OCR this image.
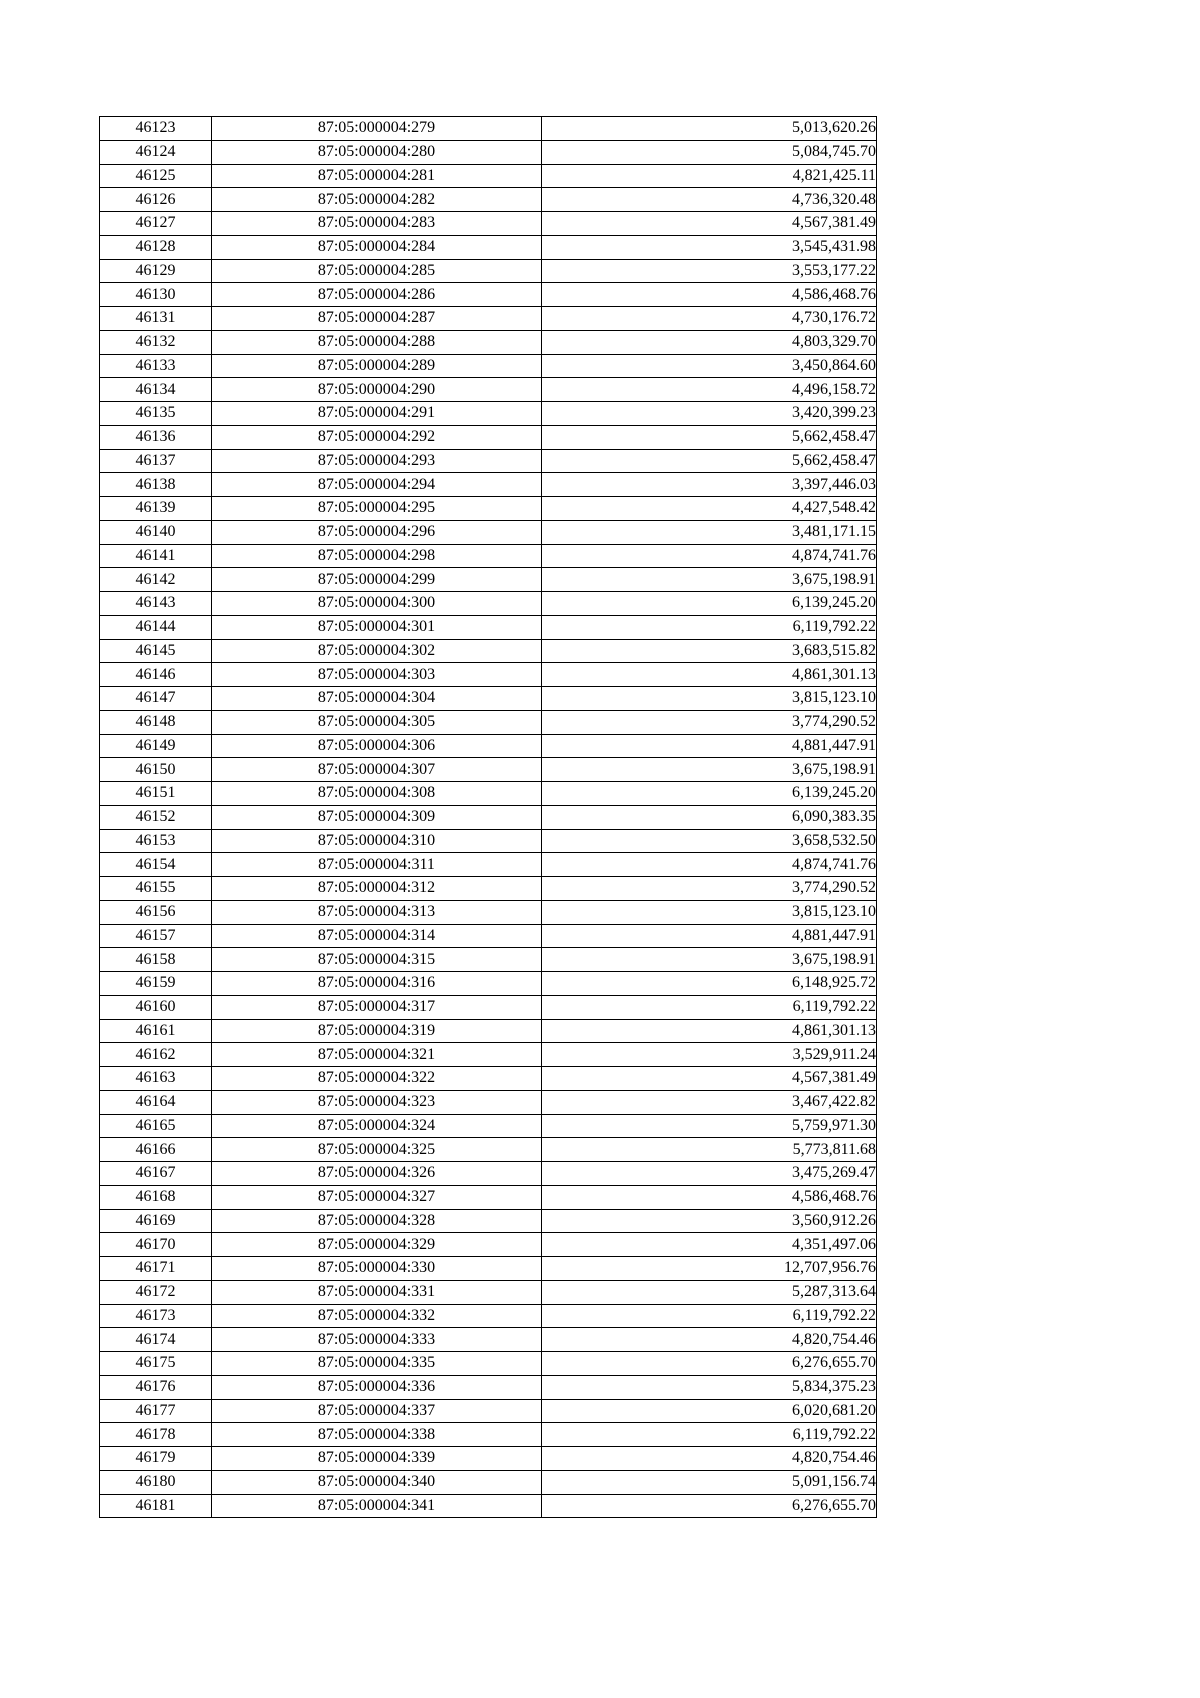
46123	87:05:000004:279	5,013,620.26
46124	87:05:000004:280	5,084,745.70
46125	87:05:000004:281	4,821,425.11
46126	87:05:000004:282	4,736,320.48
46127	87:05:000004:283	4,567,381.49
46128	87:05:000004:284	3,545,431.98
46129	87:05:000004:285	3,553,177.22
46130	87:05:000004:286	4,586,468.76
46131	87:05:000004:287	4,730,176.72
46132	87:05:000004:288	4,803,329.70
46133	87:05:000004:289	3,450,864.60
46134	87:05:000004:290	4,496,158.72
46135	87:05:000004:291	3,420,399.23
46136	87:05:000004:292	5,662,458.47
46137	87:05:000004:293	5,662,458.47
46138	87:05:000004:294	3,397,446.03
46139	87:05:000004:295	4,427,548.42
46140	87:05:000004:296	3,481,171.15
46141	87:05:000004:298	4,874,741.76
46142	87:05:000004:299	3,675,198.91
46143	87:05:000004:300	6,139,245.20
46144	87:05:000004:301	6,119,792.22
46145	87:05:000004:302	3,683,515.82
46146	87:05:000004:303	4,861,301.13
46147	87:05:000004:304	3,815,123.10
46148	87:05:000004:305	3,774,290.52
46149	87:05:000004:306	4,881,447.91
46150	87:05:000004:307	3,675,198.91
46151	87:05:000004:308	6,139,245.20
46152	87:05:000004:309	6,090,383.35
46153	87:05:000004:310	3,658,532.50
46154	87:05:000004:311	4,874,741.76
46155	87:05:000004:312	3,774,290.52
46156	87:05:000004:313	3,815,123.10
46157	87:05:000004:314	4,881,447.91
46158	87:05:000004:315	3,675,198.91
46159	87:05:000004:316	6,148,925.72
46160	87:05:000004:317	6,119,792.22
46161	87:05:000004:319	4,861,301.13
46162	87:05:000004:321	3,529,911.24
46163	87:05:000004:322	4,567,381.49
46164	87:05:000004:323	3,467,422.82
46165	87:05:000004:324	5,759,971.30
46166	87:05:000004:325	5,773,811.68
46167	87:05:000004:326	3,475,269.47
46168	87:05:000004:327	4,586,468.76
46169	87:05:000004:328	3,560,912.26
46170	87:05:000004:329	4,351,497.06
46171	87:05:000004:330	12,707,956.76
46172	87:05:000004:331	5,287,313.64
46173	87:05:000004:332	6,119,792.22
46174	87:05:000004:333	4,820,754.46
46175	87:05:000004:335	6,276,655.70
46176	87:05:000004:336	5,834,375.23
46177	87:05:000004:337	6,020,681.20
46178	87:05:000004:338	6,119,792.22
46179	87:05:000004:339	4,820,754.46
46180	87:05:000004:340	5,091,156.74
46181	87:05:000004:341	6,276,655.70
